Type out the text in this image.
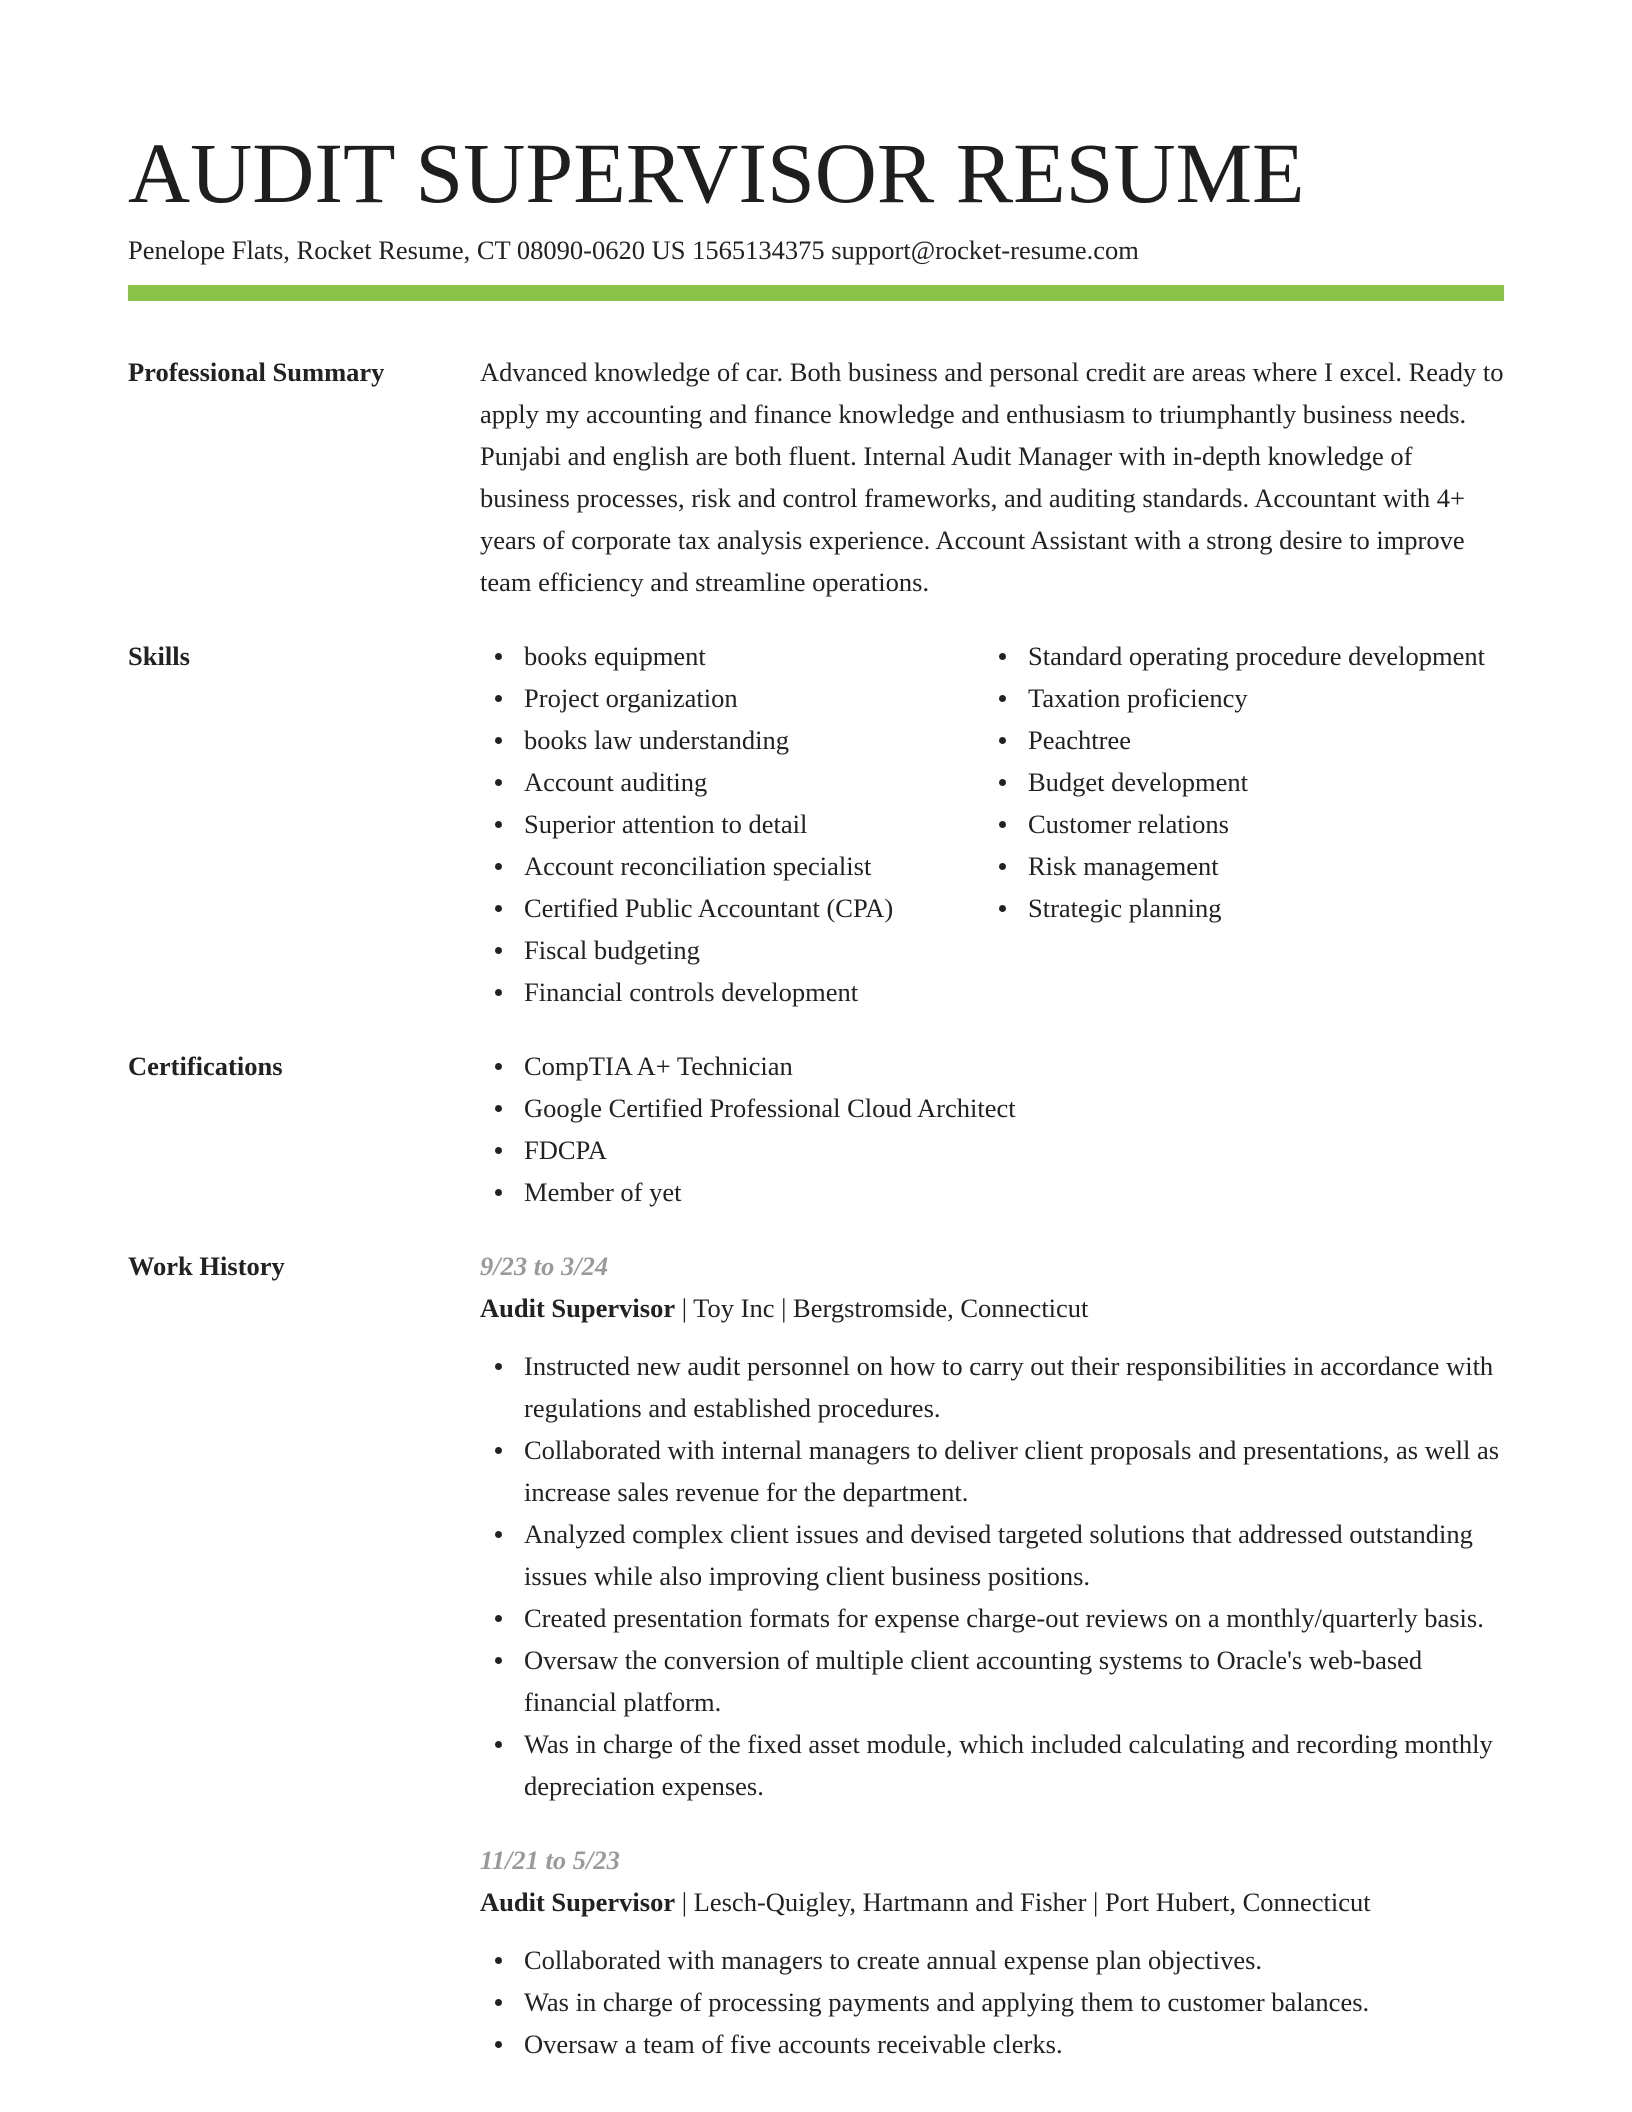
AUDIT SUPERVISOR RESUME
Penelope Flats, Rocket Resume, CT 08090-0620 US 1565134375 support@rocket-resume.com
Professional Summary	Advanced knowledge of car. Both business and personal credit are areas where I excel. Ready to apply my accounting and finance knowledge and enthusiasm to triumphantly business needs. Punjabi and english are both fluent. Internal Audit Manager with in-depth knowledge of business processes, risk and control frameworks, and auditing standards. Accountant with 4+ years of corporate tax analysis experience. Account Assistant with a strong desire to improve team efficiency and streamline operations.
Skills	books equipment
Project organization
books law understanding
Account auditing
Superior attention to detail
Account reconciliation specialist
Certified Public Accountant (CPA)
Fiscal budgeting
Financial controls development
Standard operating procedure development
Taxation proficiency
Peachtree
Budget development
Customer relations
Risk management
Strategic planning
Certifications	CompTIA A+ Technician
Google Certified Professional Cloud Architect
FDCPA
Member of yet
Work History	9/23 to 3/24
Audit Supervisor | Toy Inc | Bergstromside, Connecticut
Instructed new audit personnel on how to carry out their responsibilities in accordance with regulations and established procedures.
Collaborated with internal managers to deliver client proposals and presentations, as well as increase sales revenue for the department.
Analyzed complex client issues and devised targeted solutions that addressed outstanding issues while also improving client business positions.
Created presentation formats for expense charge-out reviews on a monthly/quarterly basis.
Oversaw the conversion of multiple client accounting systems to Oracle's web-based financial platform.
Was in charge of the fixed asset module, which included calculating and recording monthly depreciation expenses.
11/21 to 5/23
Audit Supervisor | Lesch-Quigley, Hartmann and Fisher | Port Hubert, Connecticut
Collaborated with managers to create annual expense plan objectives.
Was in charge of processing payments and applying them to customer balances.
Oversaw a team of five accounts receivable clerks.
